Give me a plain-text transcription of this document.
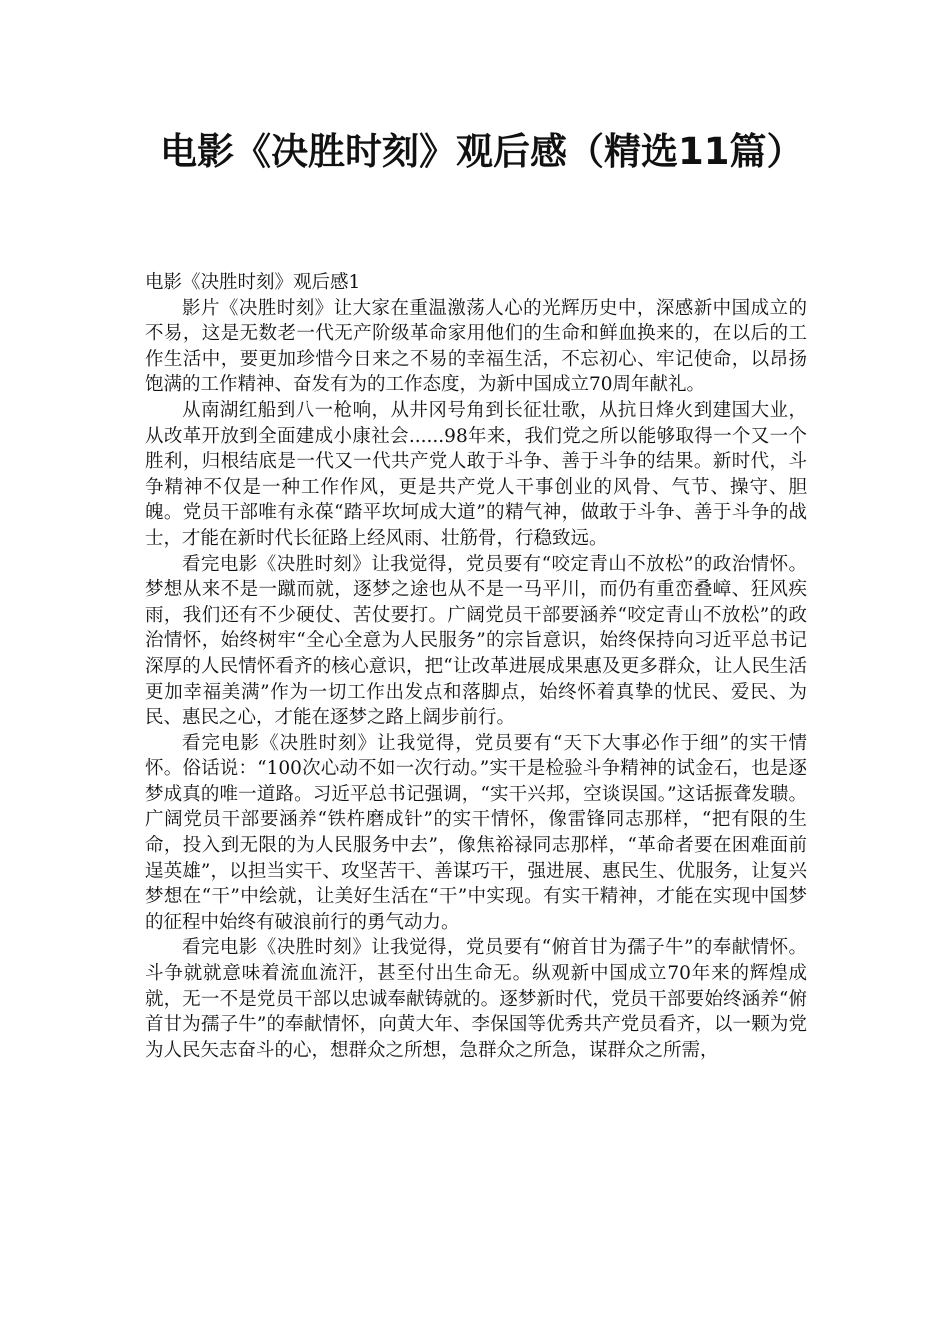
电影《决胜时刻》观后感（精选11篇）

电影《决胜时刻》观后感1

影片《决胜时刻》让大家在重温激荡人心的光辉历史中，深感新中国成立的不易，这是无数老一代无产阶级革命家用他们的生命和鲜血换来的，在以后的工作生活中，要更加珍惜今日来之不易的幸福生活，不忘初心、牢记使命，以昂扬饱满的工作精神、奋发有为的工作态度，为新中国成立70周年献礼。

从南湖红船到八一枪响，从井冈号角到长征壮歌，从抗日烽火到建国大业，从改革开放到全面建成小康社会......98年来，我们党之所以能够取得一个又一个胜利，归根结底是一代又一代共产党人敢于斗争、善于斗争的结果。新时代，斗争精神不仅是一种工作作风，更是共产党人干事创业的风骨、气节、操守、胆魄。党员干部唯有永葆“踏平坎坷成大道”的精气神，做敢于斗争、善于斗争的战士，才能在新时代长征路上经风雨、壮筋骨，行稳致远。

看完电影《决胜时刻》让我觉得，党员要有“咬定青山不放松”的政治情怀。梦想从来不是一蹴而就，逐梦之途也从不是一马平川，而仍有重峦叠嶂、狂风疾雨，我们还有不少硬仗、苦仗要打。广阔党员干部要涵养“咬定青山不放松”的政治情怀，始终树牢“全心全意为人民服务”的宗旨意识，始终保持向习近平总书记深厚的人民情怀看齐的核心意识，把“让改革进展成果惠及更多群众，让人民生活更加幸福美满”作为一切工作出发点和落脚点，始终怀着真挚的忧民、爱民、为民、惠民之心，才能在逐梦之路上阔步前行。

看完电影《决胜时刻》让我觉得，党员要有“天下大事必作于细”的实干情怀。俗话说：“100次心动不如一次行动。”实干是检验斗争精神的试金石，也是逐梦成真的唯一道路。习近平总书记强调，“实干兴邦，空谈误国。”这话振聋发聩。广阔党员干部要涵养“铁杵磨成针”的实干情怀，像雷锋同志那样，“把有限的生命，投入到无限的为人民服务中去”，像焦裕禄同志那样，“革命者要在困难面前逞英雄”，以担当实干、攻坚苦干、善谋巧干，强进展、惠民生、优服务，让复兴梦想在“干”中绘就，让美好生活在“干”中实现。有实干精神，才能在实现中国梦的征程中始终有破浪前行的勇气动力。

看完电影《决胜时刻》让我觉得，党员要有“俯首甘为孺子牛”的奉献情怀。斗争就就意味着流血流汗，甚至付出生命无。纵观新中国成立70年来的辉煌成就，无一不是党员干部以忠诚奉献铸就的。逐梦新时代，党员干部要始终涵养“俯首甘为孺子牛”的奉献情怀，向黄大年、李保国等优秀共产党员看齐，以一颗为党为人民矢志奋斗的心，想群众之所想，急群众之所急，谋群众之所需，
